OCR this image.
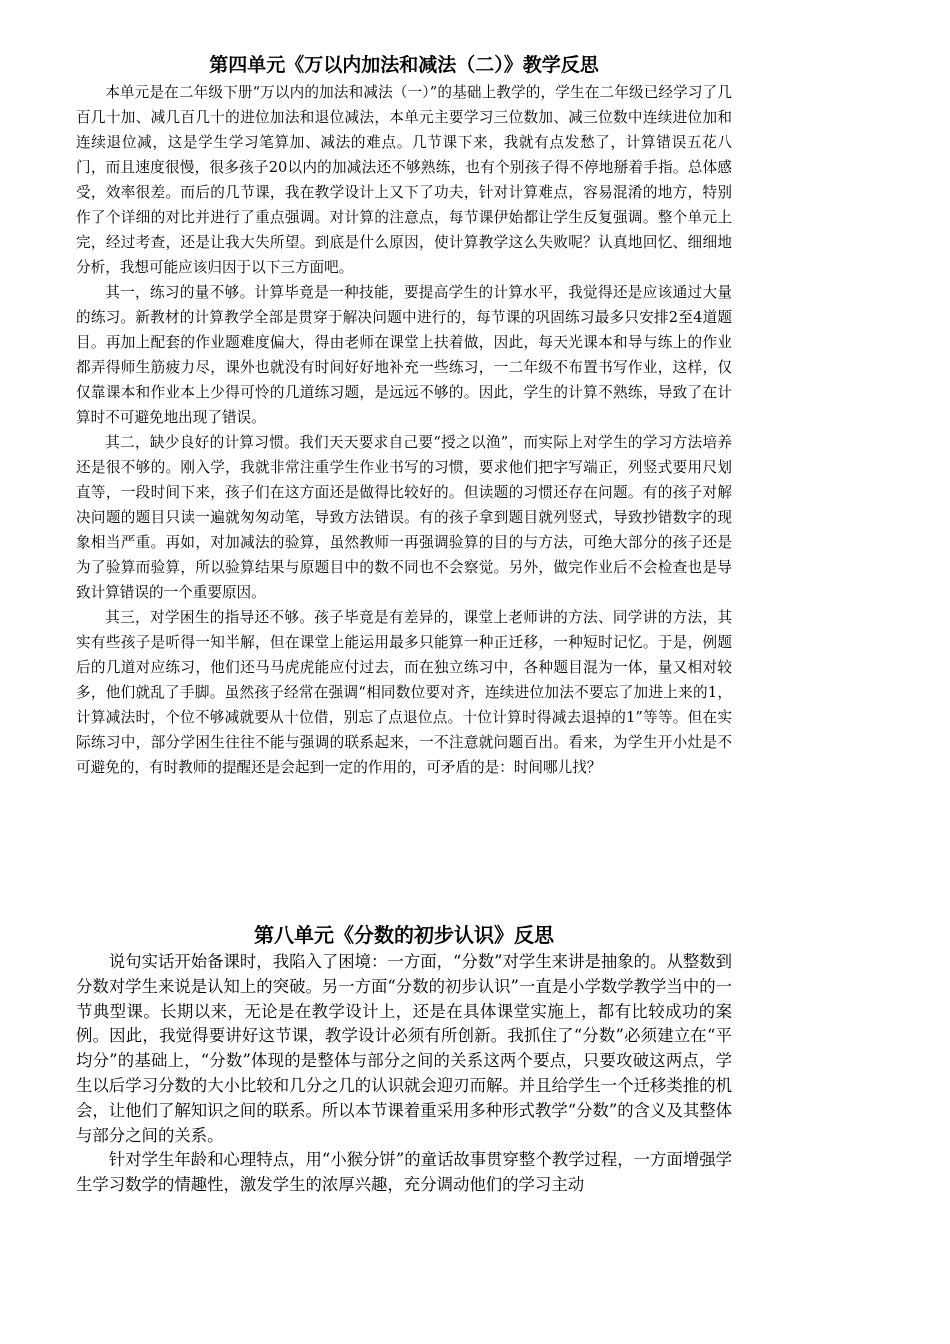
第四单元《万以内加法和减法（二）》教学反思

本单元是在二年级下册“万以内的加法和减法（一）”的基础上教学的，学生在二年级已经学习了几百几十加、减几百几十的进位加法和退位减法，本单元主要学习三位数加、减三位数中连续进位加和连续退位减，这是学生学习笔算加、减法的难点。几节课下来，我就有点发愁了，计算错误五花八门，而且速度很慢，很多孩子20以内的加减法还不够熟练，也有个别孩子得不停地掰着手指。总体感受，效率很差。而后的几节课，我在教学设计上又下了功夫，针对计算难点，容易混淆的地方，特别作了个详细的对比并进行了重点强调。对计算的注意点，每节课伊始都让学生反复强调。整个单元上完，经过考查，还是让我大失所望。到底是什么原因，使计算教学这么失败呢？认真地回忆、细细地分析，我想可能应该归因于以下三方面吧。

其一，练习的量不够。计算毕竟是一种技能，要提高学生的计算水平，我觉得还是应该通过大量的练习。新教材的计算教学全部是贯穿于解决问题中进行的，每节课的巩固练习最多只安排2至4道题目。再加上配套的作业题难度偏大，得由老师在课堂上扶着做，因此，每天光课本和导与练上的作业都弄得师生筋疲力尽，课外也就没有时间好好地补充一些练习，一二年级不布置书写作业，这样，仅仅靠课本和作业本上少得可怜的几道练习题，是远远不够的。因此，学生的计算不熟练，导致了在计算时不可避免地出现了错误。

其二，缺少良好的计算习惯。我们天天要求自己要“授之以渔”，而实际上对学生的学习方法培养还是很不够的。刚入学，我就非常注重学生作业书写的习惯，要求他们把字写端正，列竖式要用尺划直等，一段时间下来，孩子们在这方面还是做得比较好的。但读题的习惯还存在问题。有的孩子对解决问题的题目只读一遍就匆匆动笔，导致方法错误。有的孩子拿到题目就列竖式，导致抄错数字的现象相当严重。再如，对加减法的验算，虽然教师一再强调验算的目的与方法，可绝大部分的孩子还是为了验算而验算，所以验算结果与原题目中的数不同也不会察觉。另外，做完作业后不会检查也是导致计算错误的一个重要原因。

其三，对学困生的指导还不够。孩子毕竟是有差异的，课堂上老师讲的方法、同学讲的方法，其实有些孩子是听得一知半解，但在课堂上能运用最多只能算一种正迁移，一种短时记忆。于是，例题后的几道对应练习，他们还马马虎虎能应付过去，而在独立练习中，各种题目混为一体，量又相对较多，他们就乱了手脚。虽然孩子经常在强调“相同数位要对齐，连续进位加法不要忘了加进上来的1，计算减法时，个位不够减就要从十位借，别忘了点退位点。十位计算时得减去退掉的1”等等。但在实际练习中，部分学困生往往不能与强调的联系起来，一不注意就问题百出。看来，为学生开小灶是不可避免的，有时教师的提醒还是会起到一定的作用的，可矛盾的是：时间哪儿找？

第八单元《分数的初步认识》反思

说句实话开始备课时，我陷入了困境：一方面，“分数”对学生来讲是抽象的。从整数到分数对学生来说是认知上的突破。另一方面“分数的初步认识”一直是小学数学教学当中的一节典型课。长期以来，无论是在教学设计上，还是在具体课堂实施上，都有比较成功的案例。因此，我觉得要讲好这节课，教学设计必须有所创新。我抓住了“分数”必须建立在“平均分”的基础上，“分数”体现的是整体与部分之间的关系这两个要点，只要攻破这两点，学生以后学习分数的大小比较和几分之几的认识就会迎刃而解。并且给学生一个迁移类推的机会，让他们了解知识之间的联系。所以本节课着重采用多种形式教学“分数”的含义及其整体与部分之间的关系。

针对学生年龄和心理特点，用“小猴分饼”的童话故事贯穿整个教学过程，一方面增强学生学习数学的情趣性，激发学生的浓厚兴趣，充分调动他们的学习主动
